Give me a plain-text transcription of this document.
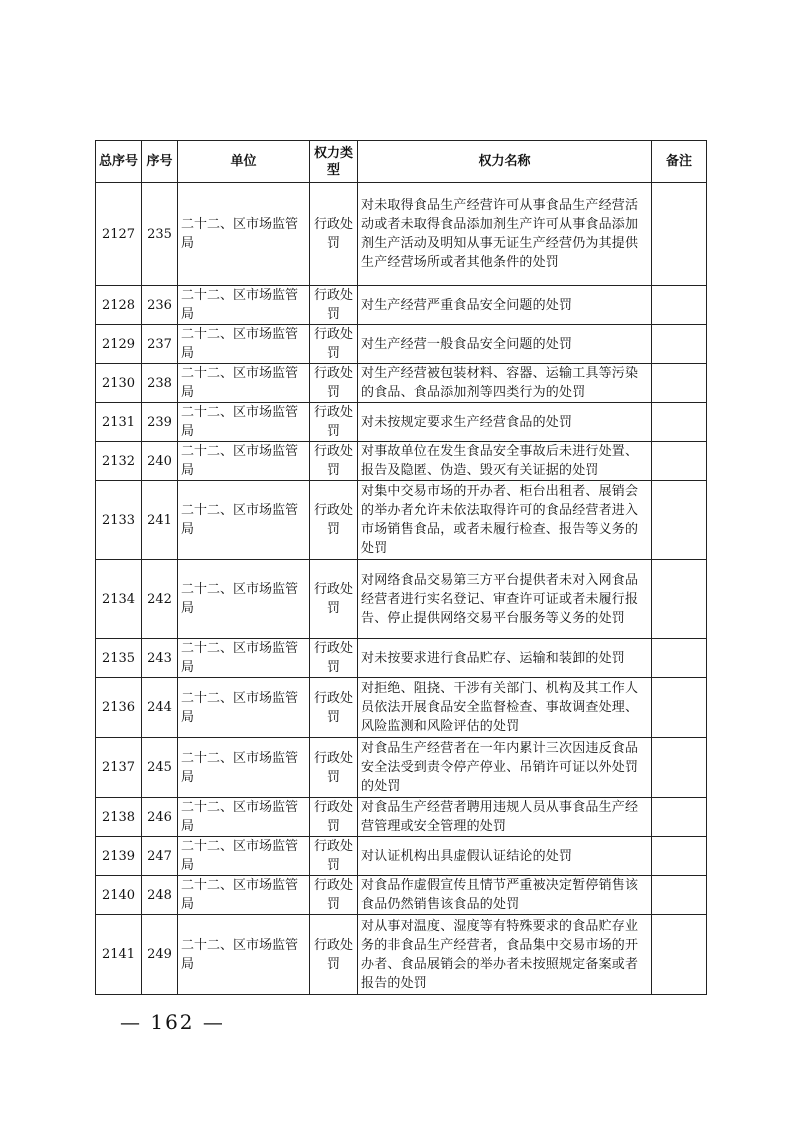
总序号	序号	单位	权力类型	权力名称	备注
2127	235	二十二、区市场监管局	行政处罚	对未取得食品生产经营许可从事食品生产经营活动或者未取得食品添加剂生产许可从事食品添加剂生产活动及明知从事无证生产经营仍为其提供生产经营场所或者其他条件的处罚	
2128	236	二十二、区市场监管局	行政处罚	对生产经营严重食品安全问题的处罚	
2129	237	二十二、区市场监管局	行政处罚	对生产经营一般食品安全问题的处罚	
2130	238	二十二、区市场监管局	行政处罚	对生产经营被包装材料、容器、运输工具等污染的食品、食品添加剂等四类行为的处罚	
2131	239	二十二、区市场监管局	行政处罚	对未按规定要求生产经营食品的处罚	
2132	240	二十二、区市场监管局	行政处罚	对事故单位在发生食品安全事故后未进行处置、报告及隐匿、伪造、毁灭有关证据的处罚	
2133	241	二十二、区市场监管局	行政处罚	对集中交易市场的开办者、柜台出租者、展销会的举办者允许未依法取得许可的食品经营者进入市场销售食品，或者未履行检查、报告等义务的处罚	
2134	242	二十二、区市场监管局	行政处罚	对网络食品交易第三方平台提供者未对入网食品经营者进行实名登记、审查许可证或者未履行报告、停止提供网络交易平台服务等义务的处罚	
2135	243	二十二、区市场监管局	行政处罚	对未按要求进行食品贮存、运输和装卸的处罚	
2136	244	二十二、区市场监管局	行政处罚	对拒绝、阻挠、干涉有关部门、机构及其工作人员依法开展食品安全监督检查、事故调查处理、风险监测和风险评估的处罚	
2137	245	二十二、区市场监管局	行政处罚	对食品生产经营者在一年内累计三次因违反食品安全法受到责令停产停业、吊销许可证以外处罚的处罚	
2138	246	二十二、区市场监管局	行政处罚	对食品生产经营者聘用违规人员从事食品生产经营管理或安全管理的处罚	
2139	247	二十二、区市场监管局	行政处罚	对认证机构出具虚假认证结论的处罚	
2140	248	二十二、区市场监管局	行政处罚	对食品作虚假宣传且情节严重被决定暂停销售该食品仍然销售该食品的处罚	
2141	249	二十二、区市场监管局	行政处罚	对从事对温度、湿度等有特殊要求的食品贮存业务的非食品生产经营者，食品集中交易市场的开办者、食品展销会的举办者未按照规定备案或者报告的处罚	
— 162 —
